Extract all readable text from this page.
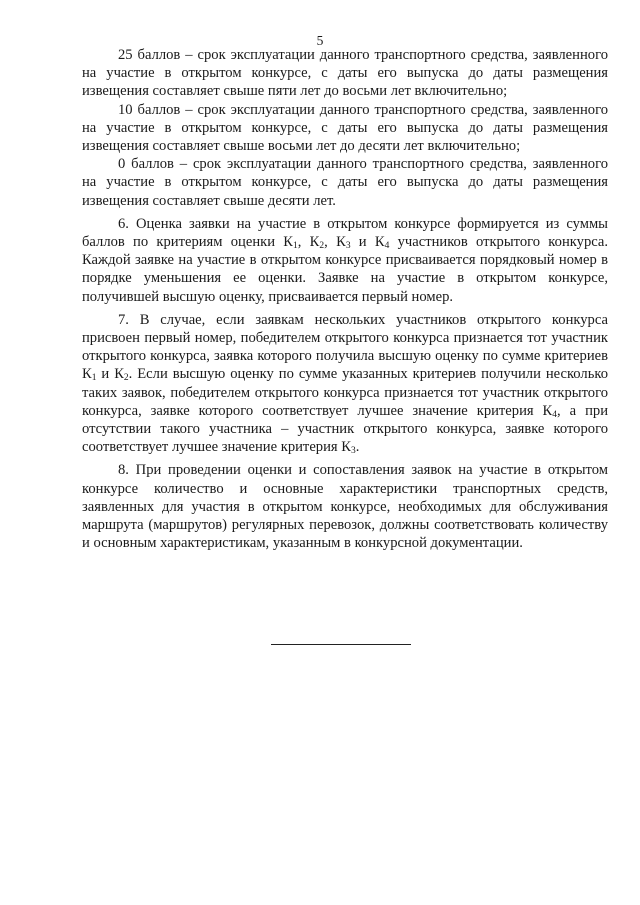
5

25 баллов – срок эксплуатации данного транспортного средства, заявленного на участие в открытом конкурсе, с даты его выпуска до даты размещения извещения составляет свыше пяти лет до восьми лет включительно;

10 баллов – срок эксплуатации данного транспортного средства, заявленного на участие в открытом конкурсе, с даты его выпуска до даты размещения извещения составляет свыше восьми лет до десяти лет включительно;

0 баллов – срок эксплуатации данного транспортного средства, заявленного на участие в открытом конкурсе, с даты его выпуска до даты размещения извещения составляет свыше десяти лет.

6. Оценка заявки на участие в открытом конкурсе формируется из суммы баллов по критериям оценки $К_1$, $К_2$, $К_3$ и $К_4$ участников открытого конкурса. Каждой заявке на участие в открытом конкурсе присваивается порядковый номер в порядке уменьшения ее оценки. Заявке на участие в открытом конкурсе, получившей высшую оценку, присваивается первый номер.

7. В случае, если заявкам нескольких участников открытого конкурса присвоен первый номер, победителем открытого конкурса признается тот участник открытого конкурса, заявка которого получила высшую оценку по сумме критериев $К_1$ и $К_2$. Если высшую оценку по сумме указанных критериев получили несколько таких заявок, победителем открытого конкурса признается тот участник открытого конкурса, заявке которого соответствует лучшее значение критерия $К_4$, а при отсутствии такого участника – участник открытого конкурса, заявке которого соответствует лучшее значение критерия $К_3$.

8. При проведении оценки и сопоставления заявок на участие в открытом конкурсе количество и основные характеристики транспортных средств, заявленных для участия в открытом конкурсе, необходимых для обслуживания маршрута (маршрутов) регулярных перевозок, должны соответствовать количеству и основным характеристикам, указанным в конкурсной документации.
